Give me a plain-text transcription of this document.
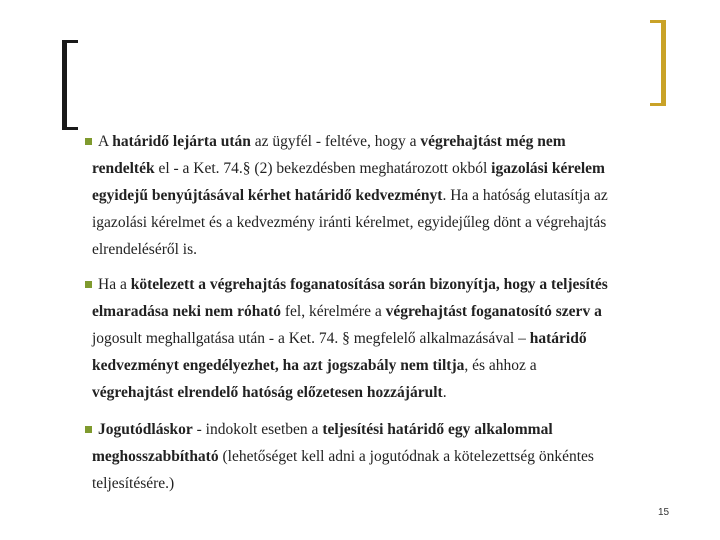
A határidő lejárta után az ügyfél - feltéve, hogy a végrehajtást még nem
rendelték el - a Ket. 74.§ (2) bekezdésben meghatározott okból igazolási kérelem
egyidejű benyújtásával kérhet határidő kedvezményt. Ha a hatóság elutasítja az
igazolási kérelmet és a kedvezmény iránti kérelmet, egyidejűleg dönt a végrehajtás
elrendeléséről is.
Ha a kötelezett a végrehajtás foganatosítása során bizonyítja, hogy a teljesítés
elmaradása neki nem róható fel, kérelmére a végrehajtást foganatosító szerv a
jogosult meghallgatása után - a Ket. 74. § megfelelő alkalmazásával – határidő
kedvezményt engedélyezhet, ha azt jogszabály nem tiltja, és ahhoz a
végrehajtást elrendelő hatóság előzetesen hozzájárult.
Jogutódláskor - indokolt esetben a teljesítési határidő egy alkalommal
meghosszabbítható (lehetőséget kell adni a jogutódnak a kötelezettség önkéntes
teljesítésére.)
15
